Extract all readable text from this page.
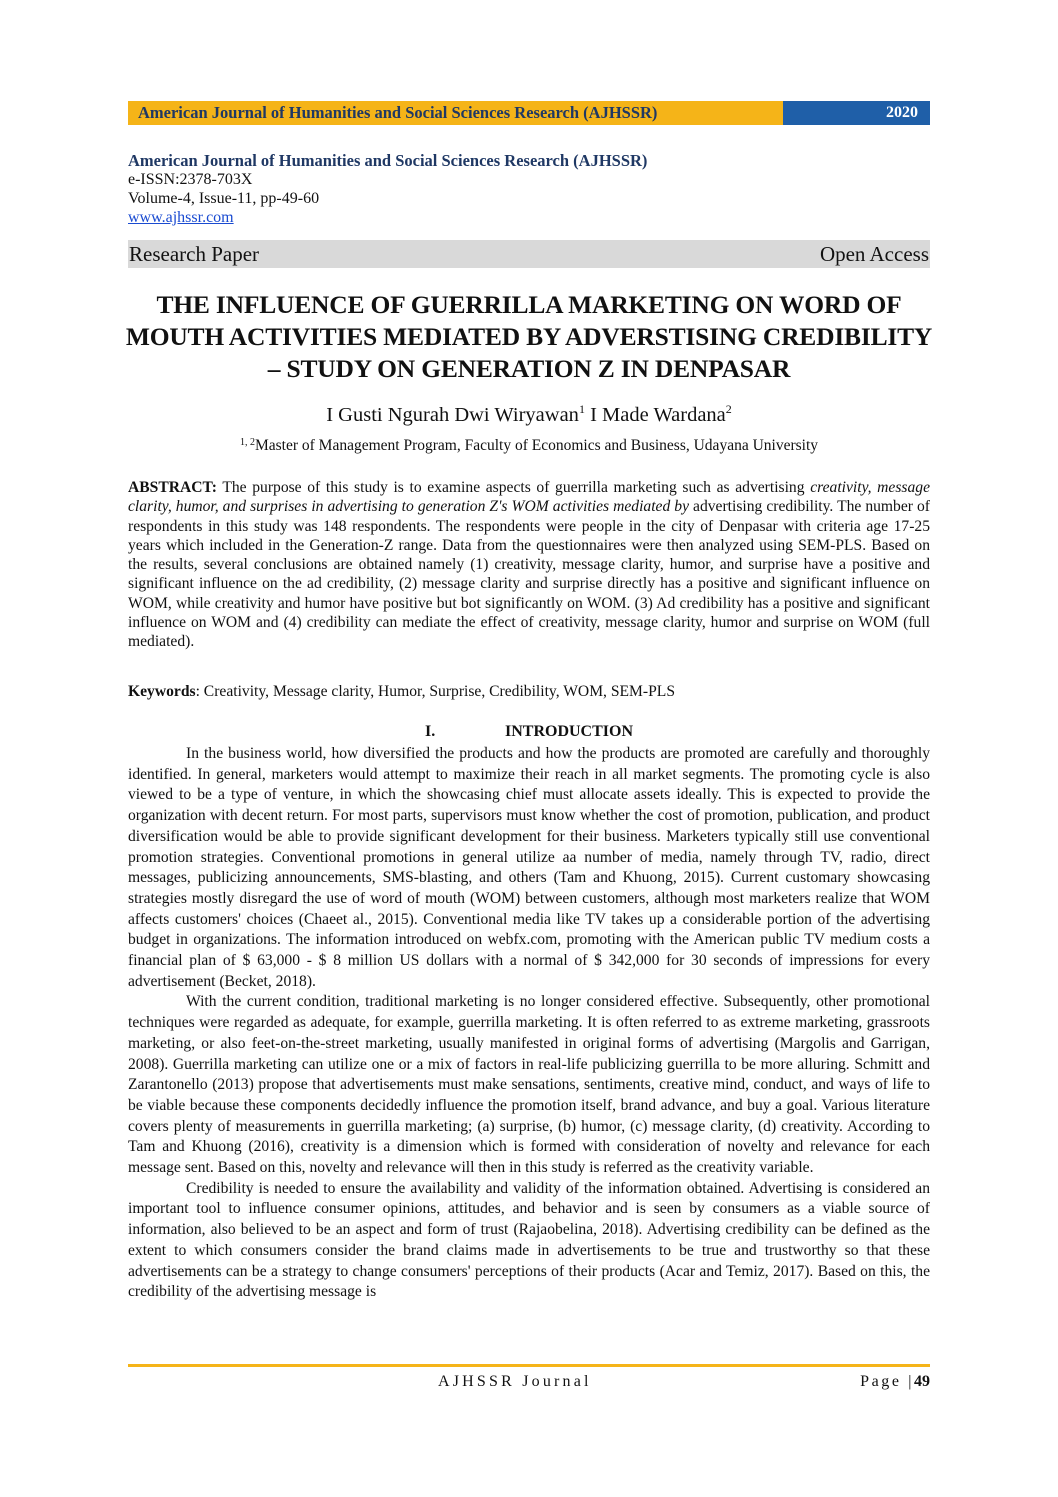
American Journal of Humanities and Social Sciences Research (AJHSSR)	2020
American Journal of Humanities and Social Sciences Research (AJHSSR)
e-ISSN:2378-703X
Volume-4, Issue-11, pp-49-60
www.ajhssr.com
Research Paper	Open Access
THE INFLUENCE OF GUERRILLA MARKETING ON WORD OF MOUTH ACTIVITIES MEDIATED BY ADVERSTISING CREDIBILITY – STUDY ON GENERATION Z IN DENPASAR
I Gusti Ngurah Dwi Wiryawan$^1$ I Made Wardana$^2$
$^{1, 2}$Master of Management Program, Faculty of Economics and Business, Udayana University
ABSTRACT: The purpose of this study is to examine aspects of guerrilla marketing such as advertising creativity, message clarity, humor, and surprises in advertising to generation Z's WOM activities mediated by advertising credibility. The number of respondents in this study was 148 respondents. The respondents were people in the city of Denpasar with criteria age 17-25 years which included in the Generation-Z range. Data from the questionnaires were then analyzed using SEM-PLS. Based on the results, several conclusions are obtained namely (1) creativity, message clarity, humor, and surprise have a positive and significant influence on the ad credibility, (2) message clarity and surprise directly has a positive and significant influence on WOM, while creativity and humor have positive but bot significantly on WOM. (3) Ad credibility has a positive and significant influence on WOM and (4) credibility can mediate the effect of creativity, message clarity, humor and surprise on WOM (full mediated).
Keywords: Creativity, Message clarity, Humor, Surprise, Credibility, WOM, SEM-PLS
I.	INTRODUCTION

In the business world, how diversified the products and how the products are promoted are carefully and thoroughly identified. In general, marketers would attempt to maximize their reach in all market segments. The promoting cycle is also viewed to be a type of venture, in which the showcasing chief must allocate assets ideally. This is expected to provide the organization with decent return. For most parts, supervisors must know whether the cost of promotion, publication, and product diversification would be able to provide significant development for their business. Marketers typically still use conventional promotion strategies. Conventional promotions in general utilize aa number of media, namely through TV, radio, direct messages, publicizing announcements, SMS-blasting, and others (Tam and Khuong, 2015). Current customary showcasing strategies mostly disregard the use of word of mouth (WOM) between customers, although most marketers realize that WOM affects customers' choices (Chaeet al., 2015). Conventional media like TV takes up a considerable portion of the advertising budget in organizations. The information introduced on webfx.com, promoting with the American public TV medium costs a financial plan of $ 63,000 - $ 8 million US dollars with a normal of $ 342,000 for 30 seconds of impressions for every advertisement (Becket, 2018).

With the current condition, traditional marketing is no longer considered effective. Subsequently, other promotional techniques were regarded as adequate, for example, guerrilla marketing. It is often referred to as extreme marketing, grassroots marketing, or also feet-on-the-street marketing, usually manifested in original forms of advertising (Margolis and Garrigan, 2008). Guerrilla marketing can utilize one or a mix of factors in real-life publicizing guerrilla to be more alluring. Schmitt and Zarantonello (2013) propose that advertisements must make sensations, sentiments, creative mind, conduct, and ways of life to be viable because these components decidedly influence the promotion itself, brand advance, and buy a goal. Various literature covers plenty of measurements in guerrilla marketing; (a) surprise, (b) humor, (c) message clarity, (d) creativity. According to Tam and Khuong (2016), creativity is a dimension which is formed with consideration of novelty and relevance for each message sent. Based on this, novelty and relevance will then in this study is referred as the creativity variable.

Credibility is needed to ensure the availability and validity of the information obtained. Advertising is considered an important tool to influence consumer opinions, attitudes, and behavior and is seen by consumers as a viable source of information, also believed to be an aspect and form of trust (Rajaobelina, 2018). Advertising credibility can be defined as the extent to which consumers consider the brand claims made in advertisements to be true and trustworthy so that these advertisements can be a strategy to change consumers' perceptions of their products (Acar and Temiz, 2017). Based on this, the credibility of the advertising message is

AJHSSR Journal	Page |49
